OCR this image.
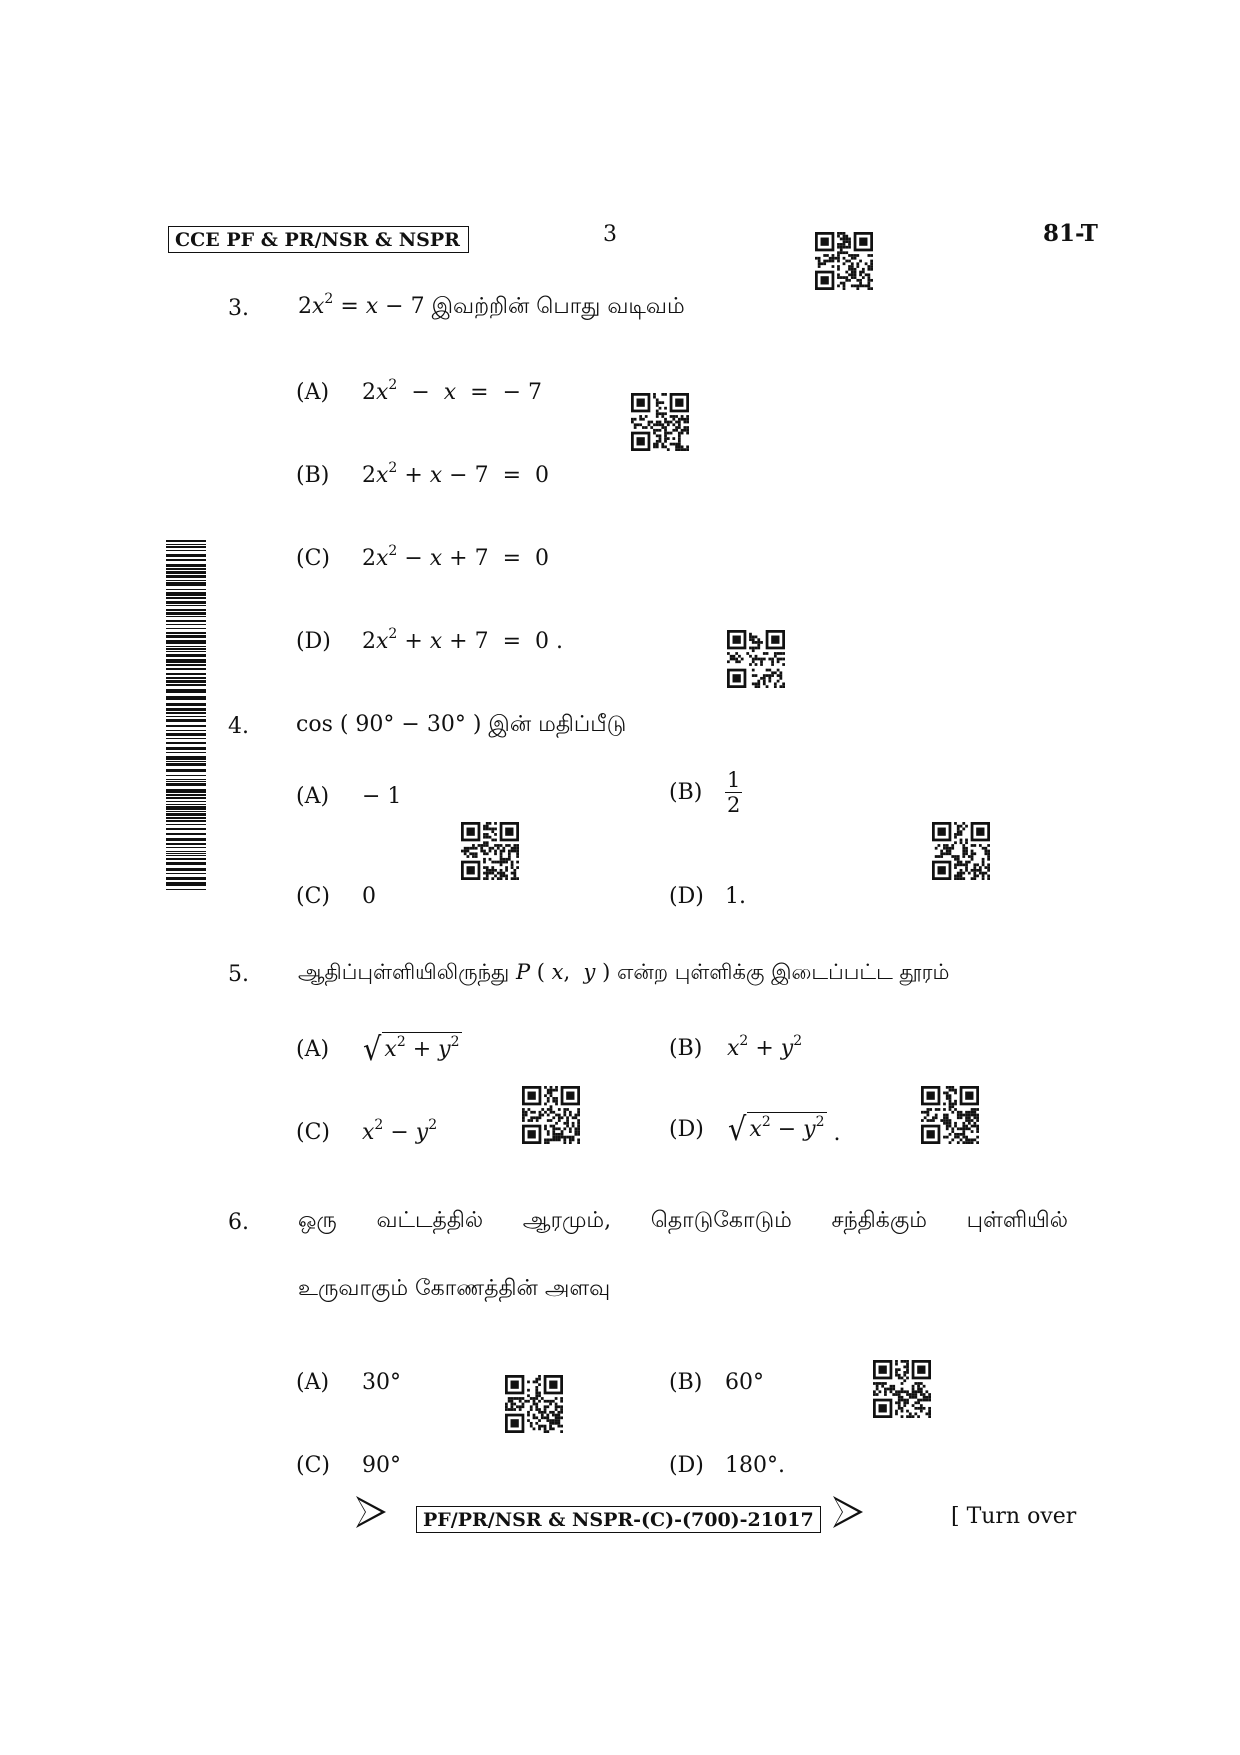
CCE PF & PR/NSR & NSPR	3	81-T
3. $2x^2 = x - 7$ இவற்றின் பொது வடிவம்
(A) $2x^2 - x$  =  − 7
(B) $2x^2 + x - 7 = 0$
(C) $2x^2 - x + 7 = 0$
(D) $2x^2 + x + 7 = 0$ .
4. cos ( 90° − 30° ) இன் மதிப்பீடு
(A) − 1	$(B) \frac{1}{2}$
(C) 0	(D) 1.
5. ஆதிப்புள்ளியிலிருந்து P ( x,  y ) என்ற புள்ளிக்கு இடைப்பட்ட தூரம்
(A) √ $x^2 + y^2$	(B) $x^2 + y^2$
(C) $x^2 - y^2$	(D) √ $x^2 - y^2$ .
6. ஒரு வட்டத்தில் ஆரமும், தொடுகோடும் சந்திக்கும் புள்ளியில்
உருவாகும் கோணத்தின் அளவு
(A) 30°	(B) 60°
(C) 90°	(D) 180°.
PF/PR/NSR & NSPR-(C)-(700)-21017	[ Turn over
